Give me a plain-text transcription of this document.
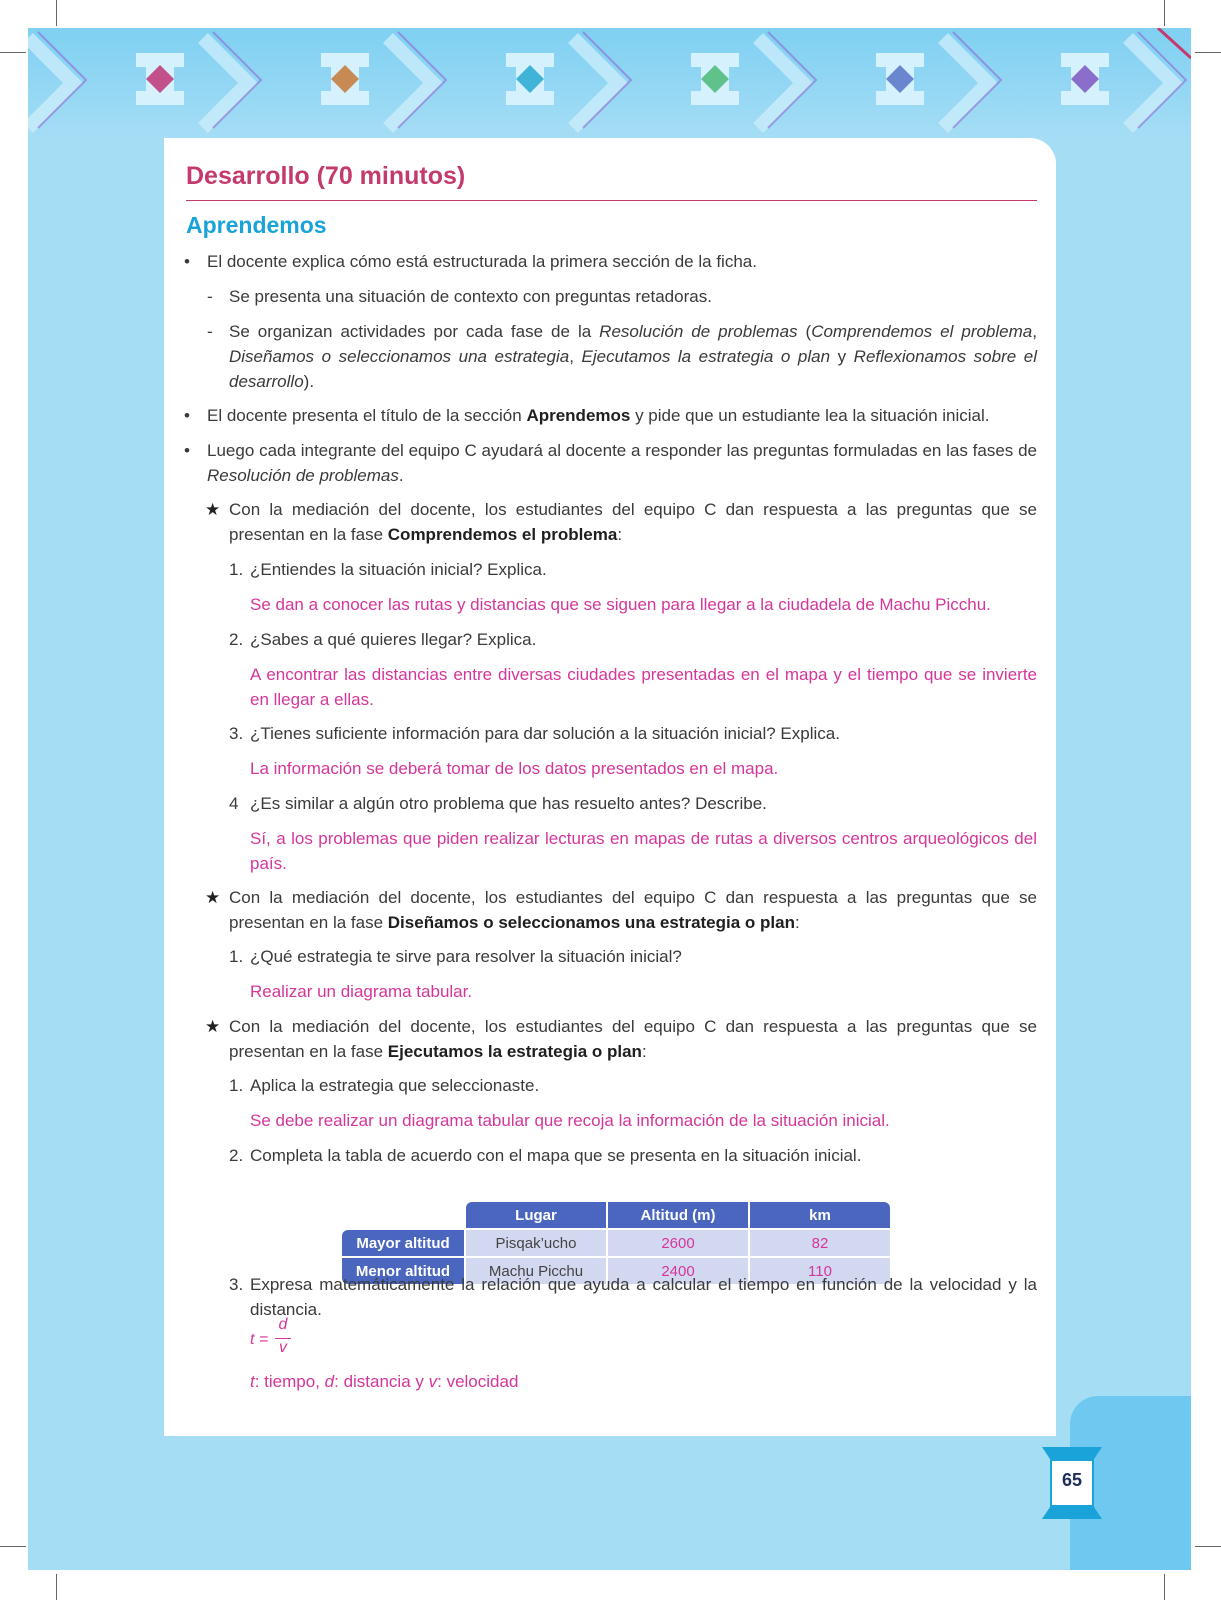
65
Desarrollo (70 minutos)
Aprendemos
• El docente explica cómo está estructurada la primera sección de la ficha.
- Se presenta una situación de contexto con preguntas retadoras.
- Se organizan actividades por cada fase de la Resolución de problemas (Comprendemos el problema, Diseñamos o seleccionamos una estrategia, Ejecutamos la estrategia o plan y Reflexionamos sobre el desarrollo).
• El docente presenta el título de la sección Aprendemos y pide que un estudiante lea la situación inicial.
• Luego cada integrante del equipo C ayudará al docente a responder las preguntas formuladas en las fases de Resolución de problemas.
★ Con la mediación del docente, los estudiantes del equipo C dan respuesta a las preguntas que se presentan en la fase Comprendemos el problema:
1. ¿Entiendes la situación inicial? Explica.
Se dan a conocer las rutas y distancias que se siguen para llegar a la ciudadela de Machu Picchu.
2. ¿Sabes a qué quieres llegar? Explica.
A encontrar las distancias entre diversas ciudades presentadas en el mapa y el tiempo que se invierte en llegar a ellas.
3. ¿Tienes suficiente información para dar solución a la situación inicial? Explica.
La información se deberá tomar de los datos presentados en el mapa.
4 ¿Es similar a algún otro problema que has resuelto antes? Describe.
Sí, a los problemas que piden realizar lecturas en mapas de rutas a diversos centros arqueológicos del país.
★ Con la mediación del docente, los estudiantes del equipo C dan respuesta a las preguntas que se presentan en la fase Diseñamos o seleccionamos una estrategia o plan:
1. ¿Qué estrategia te sirve para resolver la situación inicial?
Realizar un diagrama tabular.
★ Con la mediación del docente, los estudiantes del equipo C dan respuesta a las preguntas que se presentan en la fase Ejecutamos la estrategia o plan:
1. Aplica la estrategia que seleccionaste.
Se debe realizar un diagrama tabular que recoja la información de la situación inicial.
2. Completa la tabla de acuerdo con el mapa que se presenta en la situación inicial.
	Lugar	Altitud (m)	km
Mayor altitud	Pisqak’ucho	2600	82
Menor altitud	Machu Picchu	2400	110
3. Expresa matemáticamente la relación que ayuda a calcular el tiempo en función de la velocidad y la distancia.
t =
d
v
t: tiempo, d: distancia y v: velocidad
